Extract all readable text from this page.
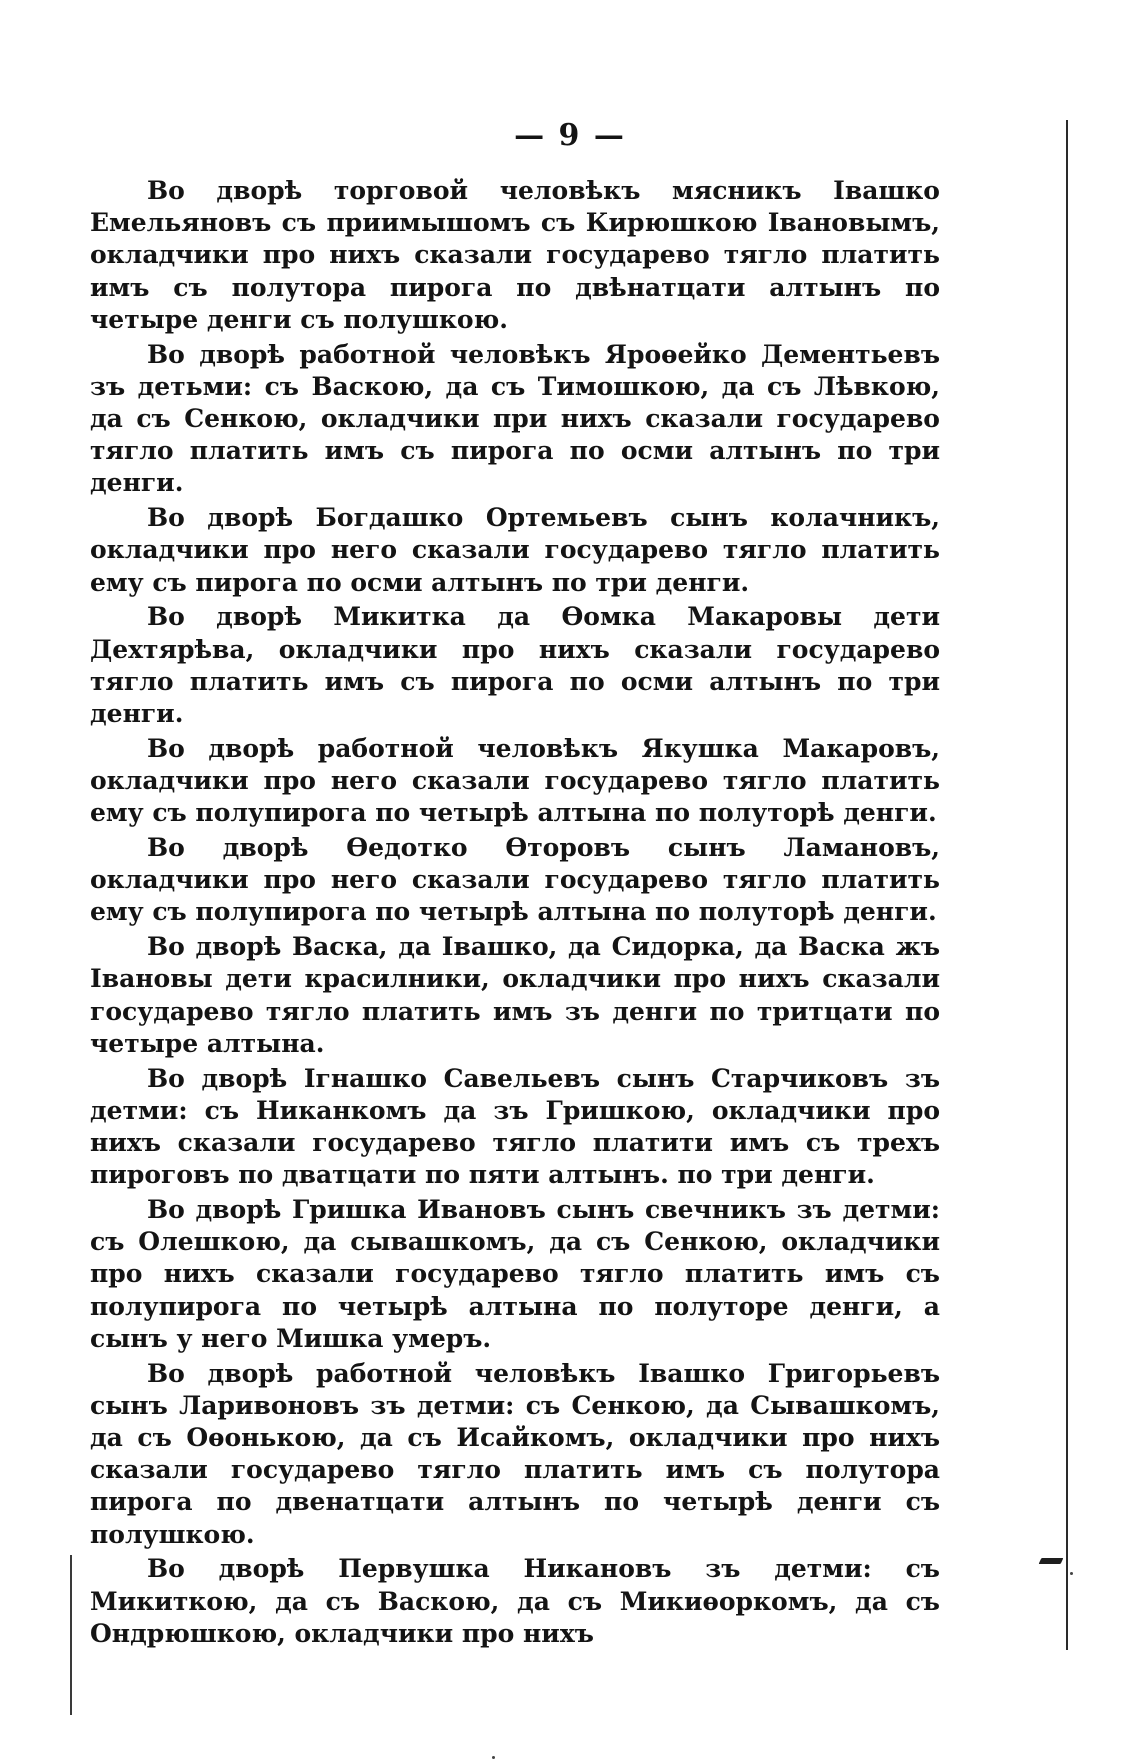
— 9 —

Во дворѣ торговой человѣкъ мясникъ Івашко Емельяновъ съ приимышомъ съ Кирюшкою Івановымъ, окладчики про нихъ сказали государево тягло платить имъ съ полутора пирога по двѣнатцати алтынъ по четыре денги съ полушкою.

Во дворѣ работной человѣкъ Яроѳейко Дементьевъ зъ детьми: съ Васкою, да съ Тимошкою, да съ Лѣвкою, да съ Сенкою, окладчики при нихъ сказали государево тягло платить имъ съ пирога по осми алтынъ по три денги.

Во дворѣ Богдашко Ортемьевъ сынъ колачникъ, окладчики про него сказали государево тягло платить ему съ пирога по осми алтынъ по три денги.

Во дворѣ Микитка да Ѳомка Макаровы дети Дехтярѣва, окладчики про нихъ сказали государево тягло платить имъ съ пирога по осми алтынъ по три денги.

Во дворѣ работной человѣкъ Якушка Макаровъ, окладчики про него сказали государево тягло платить ему съ полупирога по четырѣ алтына по полуторѣ денги.

Во дворѣ Ѳедотко Ѳторовъ сынъ Ламановъ, окладчики про него сказали государево тягло платить ему съ полупирога по четырѣ алтына по полуторѣ денги.

Во дворѣ Васка, да Івашко, да Сидорка, да Васка жъ Івановы дети красилники, окладчики про нихъ сказали государево тягло платить имъ зъ денги по тритцати по четыре алтына.

Во дворѣ Ігнашко Савельевъ сынъ Старчиковъ зъ детми: съ Никанкомъ да зъ Гришкою, окладчики про нихъ сказали государево тягло платити имъ съ трехъ пироговъ по дватцати по пяти алтынъ. по три денги.

Во дворѣ Гришка Ивановъ сынъ свечникъ зъ детми: съ Олешкою, да сывашкомъ, да съ Сенкою, окладчики про нихъ сказали государево тягло платить имъ съ полупирога по четырѣ алтына по полуторе денги, а сынъ у него Мишка умеръ.

Во дворѣ работной человѣкъ Івашко Григорьевъ сынъ Ларивоновъ зъ детми: съ Сенкою, да Сывашкомъ, да съ Оѳонькою, да съ Исайкомъ, окладчики про нихъ сказали государево тягло платить имъ съ полутора пирога по двенатцати алтынъ по четырѣ денги съ полушкою.

Во дворѣ Первушка Никановъ зъ детми: съ Микиткою, да съ Васкою, да съ Микиѳоркомъ, да съ Ондрюшкою, окладчики про нихъ
